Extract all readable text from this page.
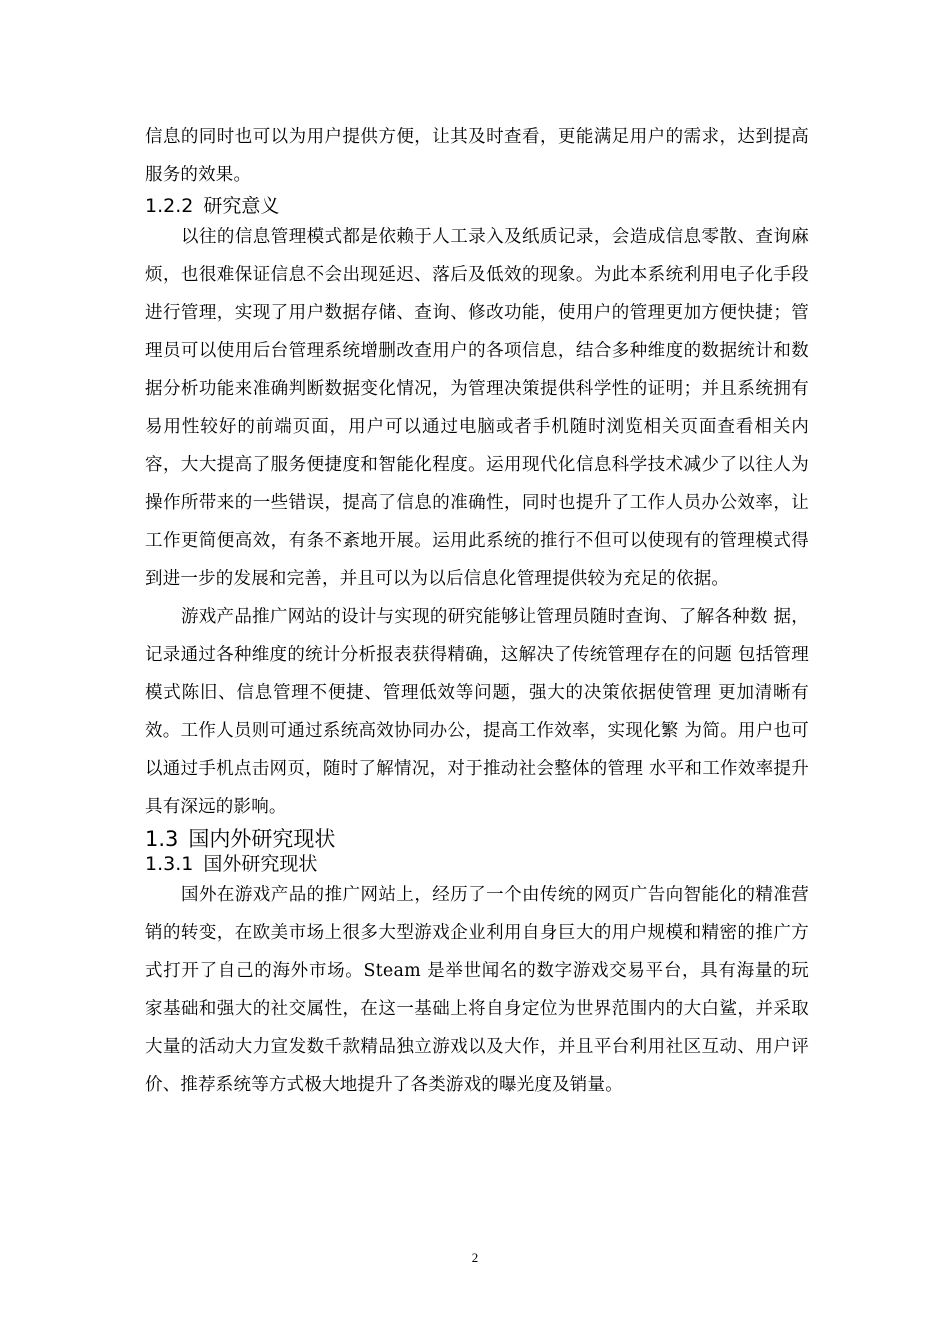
信息的同时也可以为用户提供方便，让其及时查看，更能满足用户的需求，达到提高服务的效果。

1.2.2 研究意义

以往的信息管理模式都是依赖于人工录入及纸质记录，会造成信息零散、查询麻烦，也很难保证信息不会出现延迟、落后及低效的现象。为此本系统利用电子化手段进行管理，实现了用户数据存储、查询、修改功能，使用户的管理更加方便快捷；管理员可以使用后台管理系统增删改查用户的各项信息，结合多种维度的数据统计和数据分析功能来准确判断数据变化情况，为管理决策提供科学性的证明；并且系统拥有易用性较好的前端页面，用户可以通过电脑或者手机随时浏览相关页面查看相关内容，大大提高了服务便捷度和智能化程度。运用现代化信息科学技术减少了以往人为操作所带来的一些错误，提高了信息的准确性，同时也提升了工作人员办公效率，让工作更简便高效，有条不紊地开展。运用此系统的推行不但可以使现有的管理模式得到进一步的发展和完善，并且可以为以后信息化管理提供较为充足的依据。

游戏产品推广网站的设计与实现的研究能够让管理员随时查询、了解各种数 据，记录通过各种维度的统计分析报表获得精确，这解决了传统管理存在的问题 包括管理模式陈旧、信息管理不便捷、管理低效等问题，强大的决策依据使管理 更加清晰有效。工作人员则可通过系统高效协同办公，提高工作效率，实现化繁 为简。用户也可以通过手机点击网页，随时了解情况，对于推动社会整体的管理 水平和工作效率提升具有深远的影响。

1.3 国内外研究现状
1.3.1 国外研究现状

国外在游戏产品的推广网站上，经历了一个由传统的网页广告向智能化的精准营销的转变，在欧美市场上很多大型游戏企业利用自身巨大的用户规模和精密的推广方式打开了自己的海外市场。Steam 是举世闻名的数字游戏交易平台，具有海量的玩家基础和强大的社交属性，在这一基础上将自身定位为世界范围内的大白鲨，并采取大量的活动大力宣发数千款精品独立游戏以及大作，并且平台利用社区互动、用户评价、推荐系统等方式极大地提升了各类游戏的曝光度及销量。

2
